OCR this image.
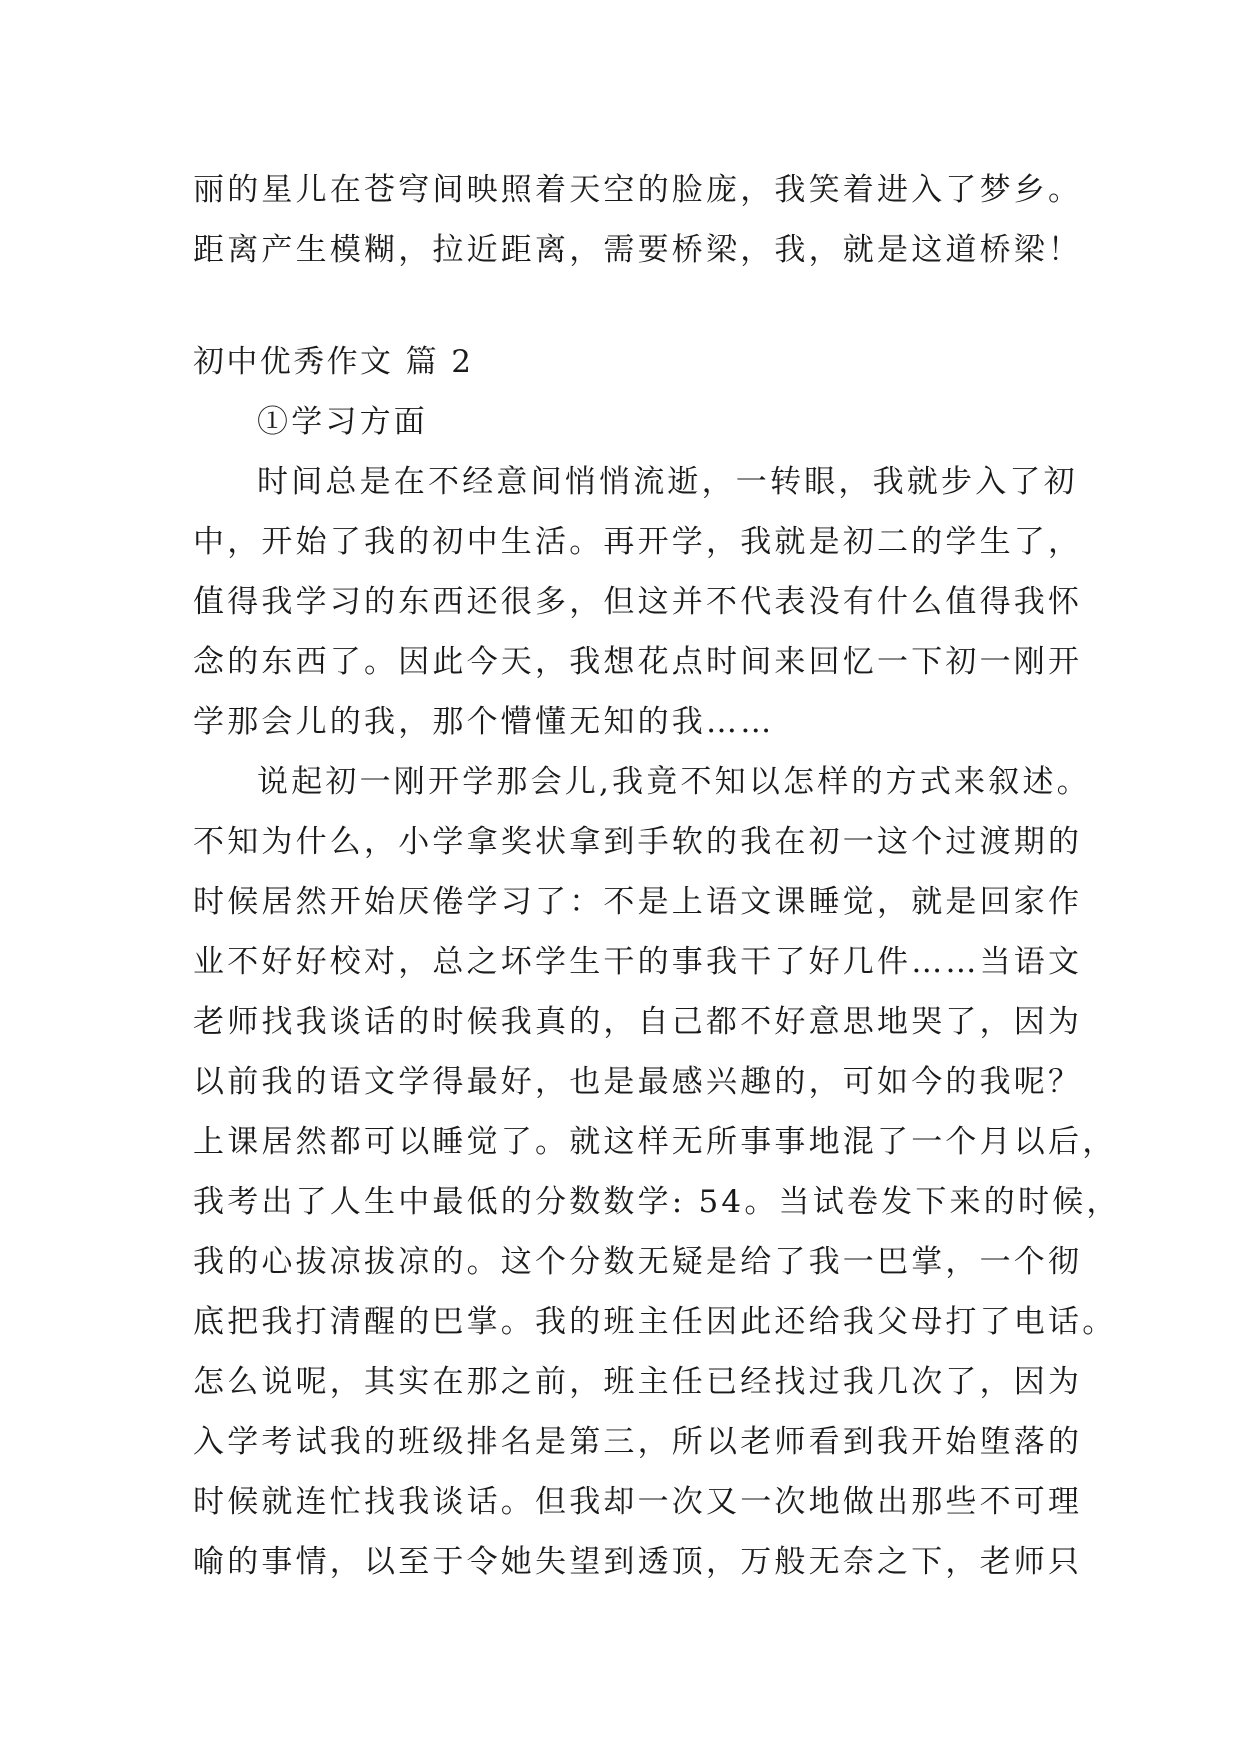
丽的星儿在苍穹间映照着天空的脸庞，我笑着进入了梦乡。
距离产生模糊，拉近距离，需要桥梁，我，就是这道桥梁！
初中优秀作文 篇 2
①学习方面
时间总是在不经意间悄悄流逝，一转眼，我就步入了初
中，开始了我的初中生活。再开学，我就是初二的学生了，
值得我学习的东西还很多，但这并不代表没有什么值得我怀
念的东西了。因此今天，我想花点时间来回忆一下初一刚开
学那会儿的我，那个懵懂无知的我……
说起初一刚开学那会儿,我竟不知以怎样的方式来叙述。
不知为什么，小学拿奖状拿到手软的我在初一这个过渡期的
时候居然开始厌倦学习了：不是上语文课睡觉，就是回家作
业不好好校对，总之坏学生干的事我干了好几件……当语文
老师找我谈话的时候我真的，自己都不好意思地哭了，因为
以前我的语文学得最好，也是最感兴趣的，可如今的我呢？
上课居然都可以睡觉了。就这样无所事事地混了一个月以后，
我考出了人生中最低的分数数学: 54。当试卷发下来的时候，
我的心拔凉拔凉的。这个分数无疑是给了我一巴掌，一个彻
底把我打清醒的巴掌。我的班主任因此还给我父母打了电话。
怎么说呢，其实在那之前，班主任已经找过我几次了，因为
入学考试我的班级排名是第三，所以老师看到我开始堕落的
时候就连忙找我谈话。但我却一次又一次地做出那些不可理
喻的事情，以至于令她失望到透顶，万般无奈之下，老师只
